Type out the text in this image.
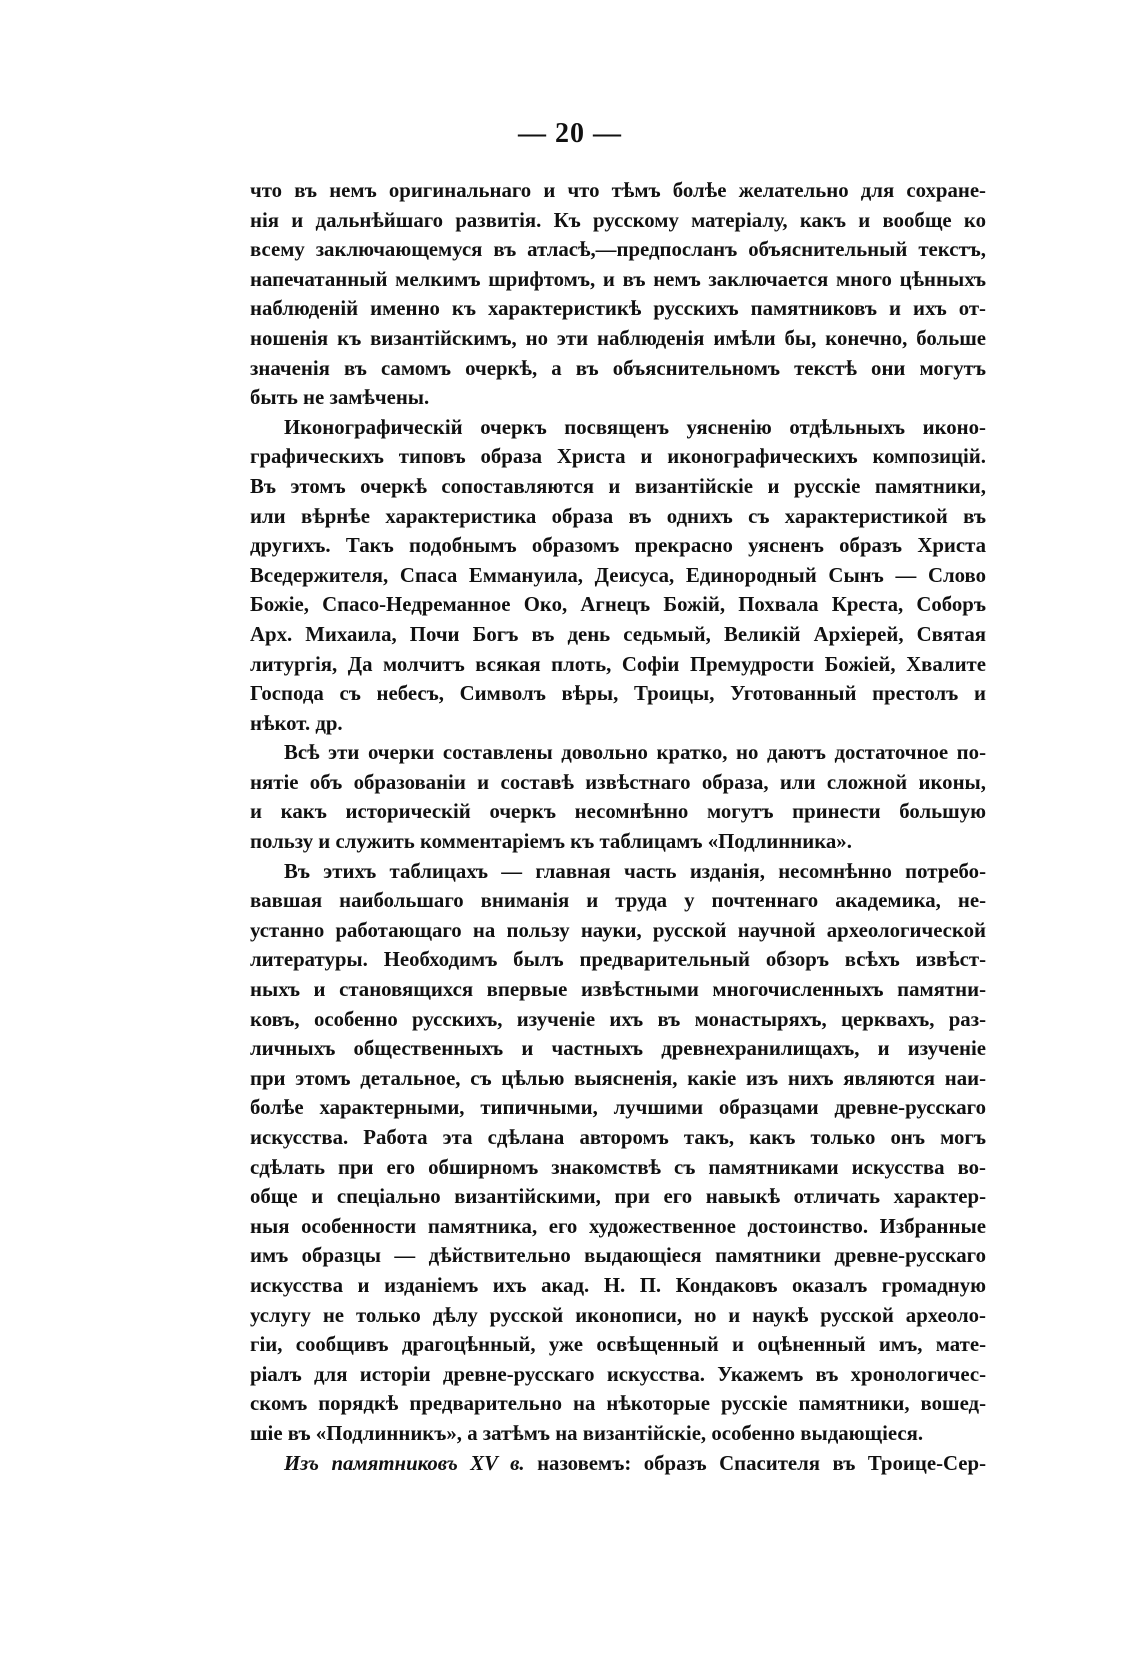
— 20 —

что въ немъ оригинальнаго и что тѣмъ болѣе желательно для сохране-
нія и дальнѣйшаго развитія. Къ русскому матеріалу, какъ и вообще ко
всему заключающемуся въ атласѣ,—предпосланъ объяснительный текстъ,
напечатанный мелкимъ шрифтомъ, и въ немъ заключается много цѣнныхъ
наблюденій именно къ характеристикѣ русскихъ памятниковъ и ихъ от-
ношенія къ византійскимъ, но эти наблюденія имѣли бы, конечно, больше
значенія въ самомъ очеркѣ, а въ объяснительномъ текстѣ они могутъ
быть не замѣчены.

Иконографическій очеркъ посвященъ уясненію отдѣльныхъ иконо-
графическихъ типовъ образа Христа и иконографическихъ композицій.
Въ этомъ очеркѣ сопоставляются и византійскіе и русскіе памятники,
или вѣрнѣе характеристика образа въ однихъ съ характеристикой въ
другихъ. Такъ подобнымъ образомъ прекрасно уясненъ образъ Христа
Вседержителя, Спаса Еммануила, Деисуса, Единородный Сынъ — Слово
Божіе, Спасо-Недреманное Око, Агнецъ Божій, Похвала Креста, Соборъ
Арх. Михаила, Почи Богъ въ день седьмый, Великій Архіерей, Святая
литургія, Да молчитъ всякая плоть, Софіи Премудрости Божіей, Хвалите
Господа съ небесъ, Символъ вѣры, Троицы, Уготованный престолъ и
нѣкот. др.

Всѣ эти очерки составлены довольно кратко, но даютъ достаточное по-
нятіе объ образованіи и составѣ извѣстнаго образа, или сложной иконы,
и какъ историческій очеркъ несомнѣнно могутъ принести большую
пользу и служить комментаріемъ къ таблицамъ «Подлинника».

Въ этихъ таблицахъ — главная часть изданія, несомнѣнно потребо-
вавшая наибольшаго вниманія и труда у почтеннаго академика, не-
устанно работающаго на пользу науки, русской научной археологической
литературы. Необходимъ былъ предварительный обзоръ всѣхъ извѣст-
ныхъ и становящихся впервые извѣстными многочисленныхъ памятни-
ковъ, особенно русскихъ, изученіе ихъ въ монастыряхъ, церквахъ, раз-
личныхъ общественныхъ и частныхъ древнехранилищахъ, и изученіе
при этомъ детальное, съ цѣлью выясненія, какіе изъ нихъ являются наи-
болѣе характерными, типичными, лучшими образцами древне-русскаго
искусства. Работа эта сдѣлана авторомъ такъ, какъ только онъ могъ
сдѣлать при его обширномъ знакомствѣ съ памятниками искусства во-
обще и спеціально византійскими, при его навыкѣ отличать характер-
ныя особенности памятника, его художественное достоинство. Избранные
имъ образцы — дѣйствительно выдающіеся памятники древне-русскаго
искусства и изданіемъ ихъ акад. Н. П. Кондаковъ оказалъ громадную
услугу не только дѣлу русской иконописи, но и наукѣ русской археоло-
гіи, сообщивъ драгоцѣнный, уже освѣщенный и оцѣненный имъ, мате-
ріалъ для исторіи древне-русскаго искусства. Укажемъ въ хронологичес-
скомъ порядкѣ предварительно на нѣкоторые русскіе памятники, вошед-
шіе въ «Подлинникъ», а затѣмъ на византійскіе, особенно выдающіеся.

Изъ памятниковъ XV в. назовемъ: образъ Спасителя въ Троице-Сер-
